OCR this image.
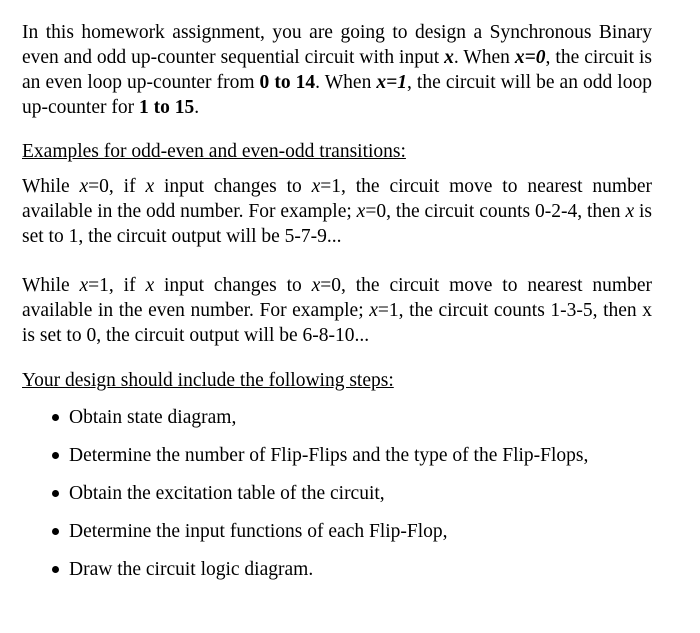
In this homework assignment, you are going to design a Synchronous Binary even and odd up-counter sequential circuit with input x. When x=0, the circuit is an even loop up-counter from 0 to 14. When x=1, the circuit will be an odd loop up-counter for 1 to 15.

Examples for odd-even and even-odd transitions:

While x=0, if x input changes to x=1, the circuit move to nearest number available in the odd number. For example; x=0, the circuit counts 0-2-4, then x is set to 1, the circuit output will be 5-7-9...

While x=1, if x input changes to x=0, the circuit move to nearest number available in the even number. For example; x=1, the circuit counts 1-3-5, then x is set to 0, the circuit output will be 6-8-10...

Your design should include the following steps:

Obtain state diagram,
Determine the number of Flip-Flips and the type of the Flip-Flops,
Obtain the excitation table of the circuit,
Determine the input functions of each Flip-Flop,
Draw the circuit logic diagram.
